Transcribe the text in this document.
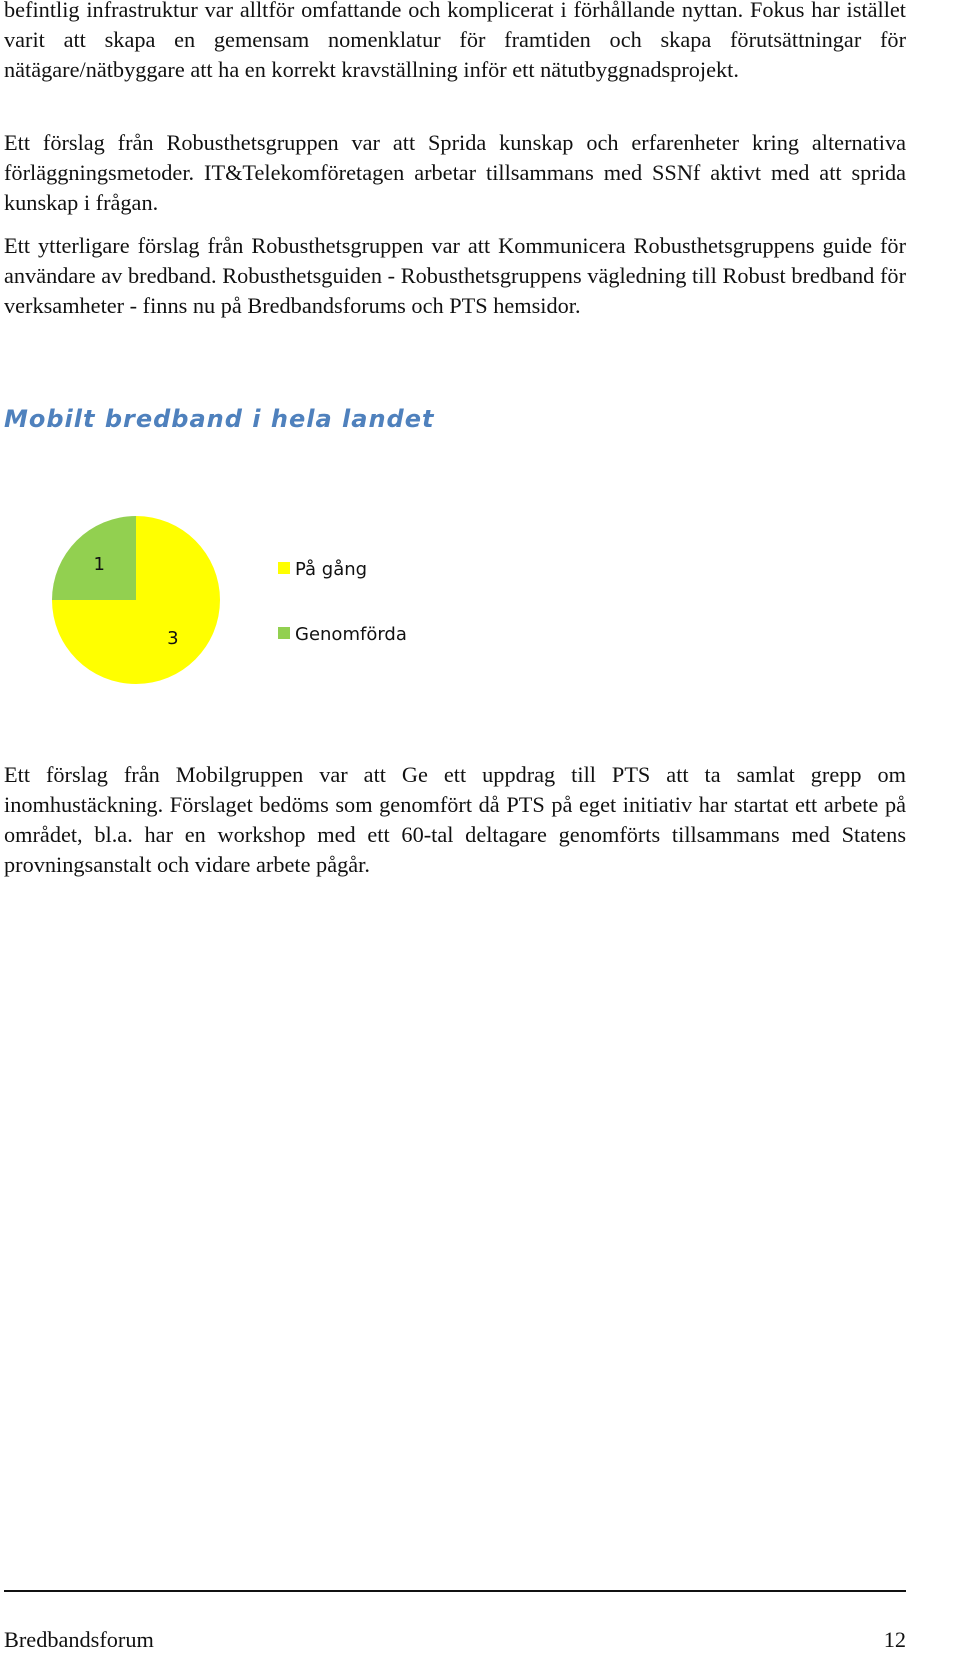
befintlig infrastruktur var alltför omfattande och komplicerat i förhållande nyttan. Fokus har istället varit att skapa en gemensam nomenklatur för framtiden och skapa förutsättningar för nätägare/nätbyggare att ha en korrekt kravställning inför ett nätutbyggnadsprojekt.

Ett förslag från Robusthetsgruppen var att Sprida kunskap och erfarenheter kring alternativa förläggningsmetoder. IT&Telekomföretagen arbetar tillsammans med SSNf aktivt med att sprida kunskap i frågan.

Ett ytterligare förslag från Robusthetsgruppen var att Kommunicera Robusthetsgruppens guide för användare av bredband. Robusthetsguiden - Robusthetsgruppens vägledning till Robust bredband för verksamheter - finns nu på Bredbandsforums och PTS hemsidor.

Mobilt bredband i hela landet
3
1	På gång
Genomförda

Ett förslag från Mobilgruppen var att Ge ett uppdrag till PTS att ta samlat grepp om inomhustäckning. Förslaget bedöms som genomfört då PTS på eget initiativ har startat ett arbete på området, bl.a. har en workshop med ett 60-tal deltagare genomförts tillsammans med Statens provningsanstalt och vidare arbete pågår.

Bredbandsforum	12
